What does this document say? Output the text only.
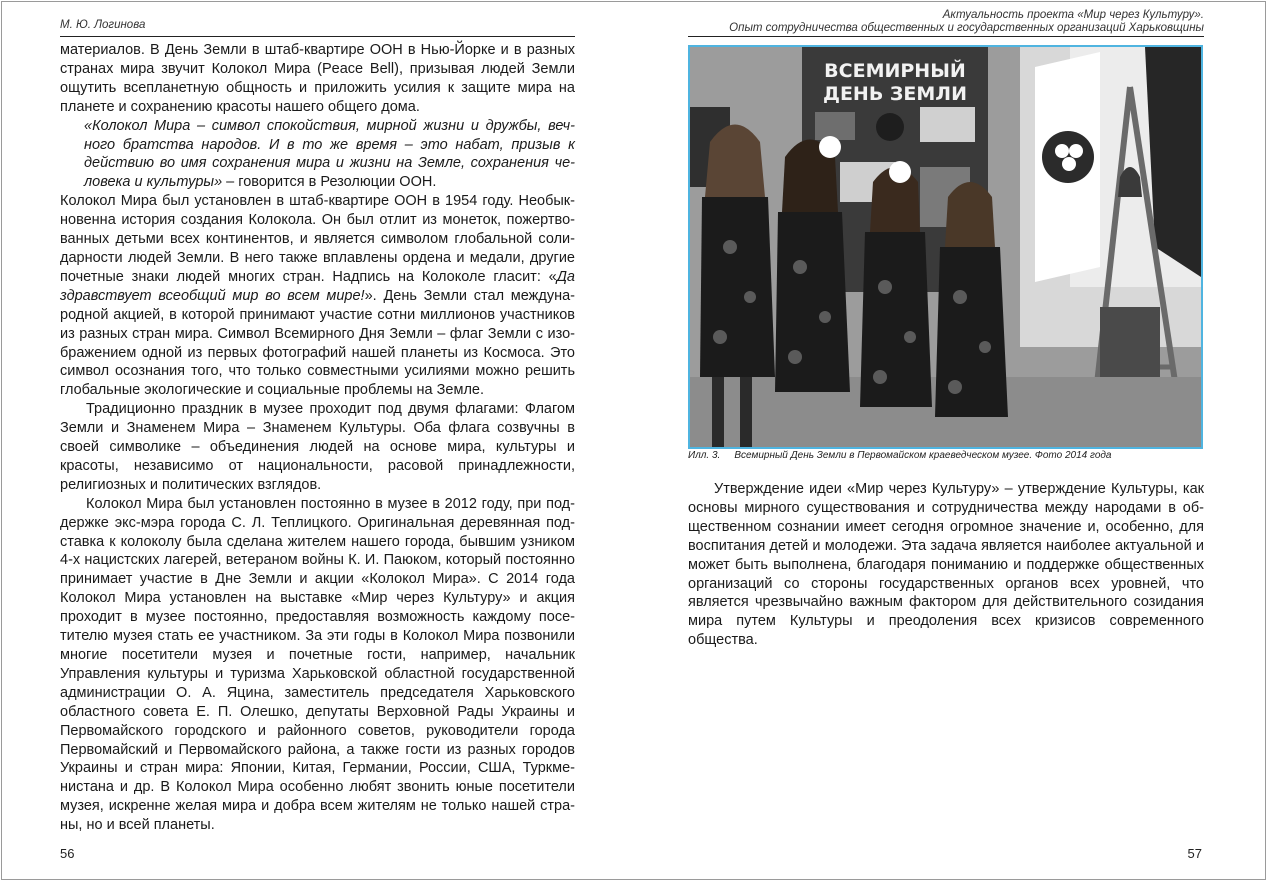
М. Ю. Логинова

материалов. В День Земли в штаб-квартире ООН в Нью-Йорке и в разных странах мира звучит Колокол Мира (Peace Bell), призывая людей Земли ощутить всепланетную общность и приложить усилия к защите мира на планете и сохранению красоты нашего общего дома.

«Колокол Мира – символ спокойствия, мирной жизни и дружбы, вечного братства народов. И в то же время – это набат, призыв к действию во имя сохранения мира и жизни на Земле, сохранения человека и культуры» – говорится в Резолюции ООН.

Колокол Мира был установлен в штаб-квартире ООН в 1954 году. Необыкновенна история создания Колокола. Он был отлит из монеток, пожертвованных детьми всех континентов, и является символом глобальной солидарности людей Земли. В него также вплавлены ордена и медали, другие почетные знаки людей многих стран. Надпись на Колоколе гласит: «Да здравствует всеобщий мир во всем мире!». День Земли стал международной акцией, в которой принимают участие сотни миллионов участников из разных стран мира. Символ Всемирного Дня Земли – флаг Земли с изображением одной из первых фотографий нашей планеты из Космоса. Это символ осознания того, что только совместными усилиями можно решить глобальные экологические и социальные проблемы на Земле.

Традиционно праздник в музее проходит под двумя флагами: Флагом Земли и Знаменем Мира – Знаменем Культуры. Оба флага созвучны в своей символике – объединения людей на основе мира, культуры и красоты, независимо от национальности, расовой принадлежности, религиозных и политических взглядов.

Колокол Мира был установлен постоянно в музее в 2012 году, при поддержке экс-мэра города С. Л. Теплицкого. Оригинальная деревянная подставка к колоколу была сделана жителем нашего города, бывшим узником 4-х нацистских лагерей, ветераном войны К. И. Паюком, который постоянно принимает участие в Дне Земли и акции «Колокол Мира». С 2014 года Колокол Мира установлен на выставке «Мир через Культуру» и акция проходит в музее постоянно, предоставляя возможность каждому посетителю музея стать ее участником. За эти годы в Колокол Мира позвонили многие посетители музея и почетные гости, например, начальник Управления культуры и туризма Харьковской областной государственной администрации О. А. Яцина, заместитель председателя Харьковского областного совета Е. П. Олешко, депутаты Верховной Рады Украины и Первомайского городского и районного советов, руководители города Первомайский и Первомайского района, а также гости из разных городов Украины и стран мира: Японии, Китая, Германии, России, США, Туркменистана и др. В Колокол Мира особенно любят звонить юные посетители музея, искренне желая мира и добра всем жителям не только нашей страны, но и всей планеты.

56
Актуальность проекта «Мир через Культуру».
Опыт сотрудничества общественных и государственных организаций Харьковщины
ВСЕМИРНЫЙ
ДЕНЬ ЗЕМЛИ
Илл. 3. Всемирный День Земли в Первомайском краеведческом музее. Фото 2014 года

Утверждение идеи «Мир через Культуру» – утверждение Культуры, как основы мирного существования и сотрудничества между народами в общественном сознании имеет сегодня огромное значение и, особенно, для воспитания детей и молодежи. Эта задача является наиболее актуальной и может быть выполнена, благодаря пониманию и поддержке общественных организаций со стороны государственных органов всех уровней, что является чрезвычайно важным фактором для действительного созидания мира путем Культуры и преодоления всех кризисов современного общества.

57
